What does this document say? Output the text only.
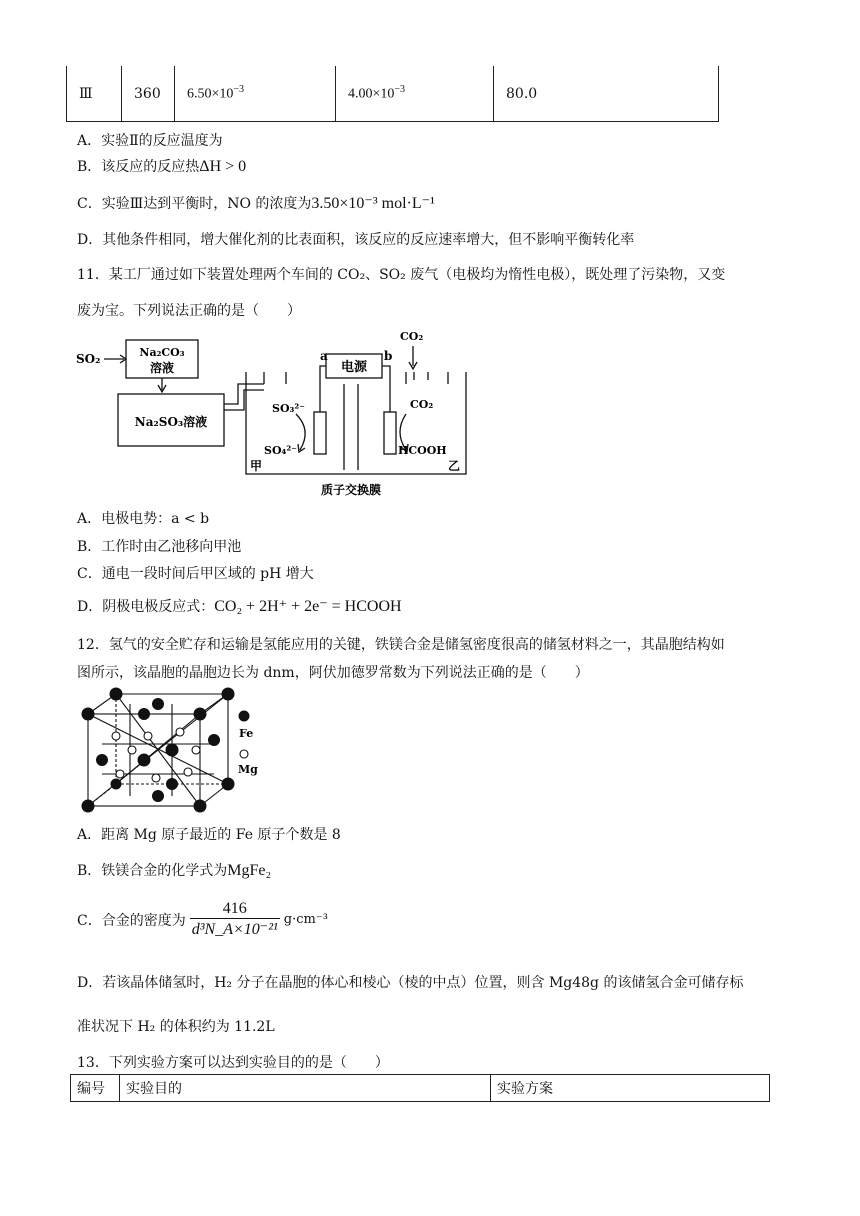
Ⅲ	360	$6.50\times 10^{-3}$	$4.00\times 10^{-3}$	80.0
A．实验Ⅱ的反应温度为
B．该反应的反应热ΔH > 0
C．实验Ⅲ达到平衡时，NO 的浓度为3.50×10⁻³ mol·L⁻¹
D．其他条件相同，增大催化剂的比表面积，该反应的反应速率增大，但不影响平衡转化率
11．某工厂通过如下装置处理两个车间的 CO₂、SO₂ 废气（电极均为惰性电极），既处理了污染物，又变
废为宝。下列说法正确的是（　　）
SO₂	Na₂CO₃
溶液
Na₂SO₃溶液
电源
a	b
CO₂
SO₃²⁻
SO₄²⁻
CO₂
HCOOH
甲	乙
质子交换膜
A．电极电势：a < b
B．工作时由乙池移向甲池
C．通电一段时间后甲区域的 pH 增大
D．阴极电极反应式：CO₂ + 2H⁺ + 2e⁻ = HCOOH
12．氢气的安全贮存和运输是氢能应用的关键，铁镁合金是储氢密度很高的储氢材料之一，其晶胞结构如
图所示，该晶胞的晶胞边长为 dnm，阿伏加德罗常数为下列说法正确的是（　　）
Fe
Mg
A．距离 Mg 原子最近的 Fe 原子个数是 8
B．铁镁合金的化学式为MgFe₂
C．合金的密度为
416
d³N_A×10⁻²¹
g·cm⁻³
D．若该晶体储氢时，H₂ 分子在晶胞的体心和棱心（棱的中点）位置，则含 Mg48g 的该储氢合金可储存标
准状况下 H₂ 的体积约为 11.2L
13．下列实验方案可以达到实验目的的是（　　）
编号	实验目的	实验方案
